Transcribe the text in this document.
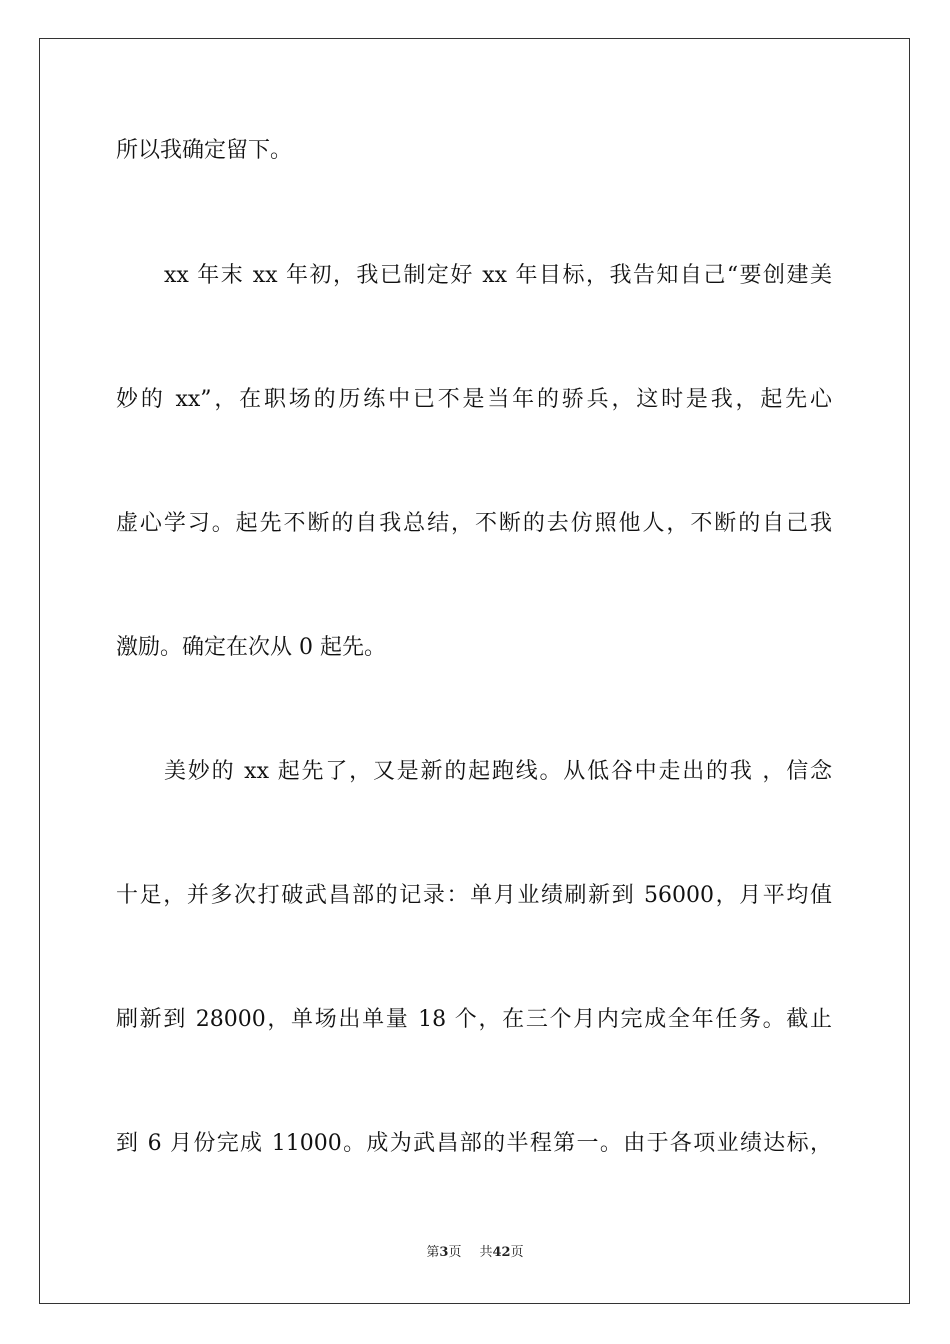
所以我确定留下。
xx 年末 xx 年初，我已制定好 xx 年目标，我告知自己“要创建美
妙的 xx”，在职场的历练中已不是当年的骄兵，这时是我，起先心
虚心学习。起先不断的自我总结，不断的去仿照他人，不断的自己我
激励。确定在次从 0 起先。
美妙的 xx 起先了，又是新的起跑线。从低谷中走出的我 ，信念
十足，并多次打破武昌部的记录：单月业绩刷新到 56000，月平均值
刷新到 28000，单场出单量 18 个，在三个月内完成全年任务。截止
到 6 月份完成 11000。成为武昌部的半程第一。由于各项业绩达标，
第3页 共42页
